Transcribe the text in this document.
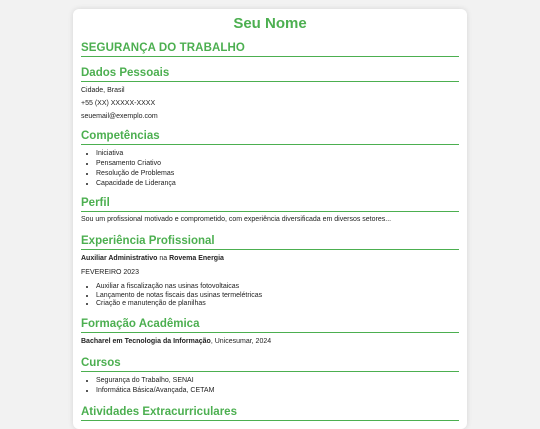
Seu Nome
SEGURANÇA DO TRABALHO
Dados Pessoais

Cidade, Brasil

+55 (XX) XXXXX-XXXX

seuemail@exemplo.com

Competências
• Iniciativa
• Pensamento Criativo
• Resolução de Problemas
• Capacidade de Liderança
Perfil

Sou um profissional motivado e comprometido, com experiência diversificada em diversos setores...

Experiência Profissional

Auxiliar Administrativo na Rovema Energia

FEVEREIRO 2023

• Auxiliar a fiscalização nas usinas fotovoltaicas
• Lançamento de notas fiscais das usinas termelétricas
• Criação e manutenção de planilhas
Formação Acadêmica

Bacharel em Tecnologia da Informação, Unicesumar, 2024

Cursos
• Segurança do Trabalho, SENAI
• Informática Básica/Avançada, CETAM
Atividades Extracurriculares
